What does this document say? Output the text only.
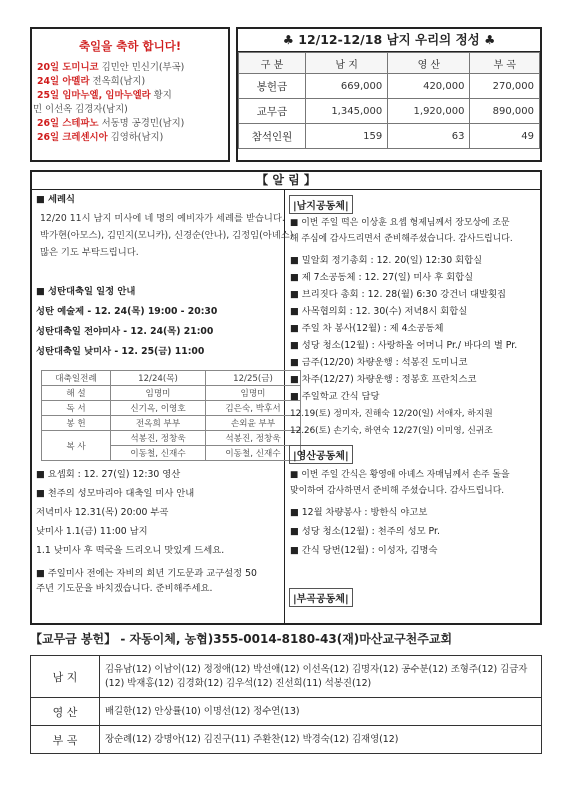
축일을 축하 합니다!
20일 도미니코 김민안 민신기(부곡)
24일 아멜라 전옥희(남지)
25일 임마누엘, 임마누엘라 황지
민 이선옥 김경자(남지)
26일 스테파노 서동명 공경민(남지)
26일 크레센시아 김영하(남지)
♣ 12/12-12/18 남지 우리의 정성 ♣
구 분	남 지	영 산	부 곡
봉헌금	669,000	420,000	270,000
교무금	1,345,000	1,920,000	890,000
참석인원	159	63	49
【 알 림 】
■ 세례식
12/20 11시 남지 미사에 네 명의 예비자가 세례를 받습니다.
박가현(아모스), 김민지(모니카), 신경순(안나), 김정임(아녜스)
많은 기도 부탁드립니다.
■ 성탄대축일 일정 안내
성탄 예술제 - 12. 24(목) 19:00 - 20:30
성탄대축일 전야미사 - 12. 24(목) 21:00
성탄대축일 낮미사 - 12. 25(금) 11:00
대축일전례	12/24(목)	12/25(금)
해 설	임명미	임명미
독 서	신기옥, 이영호	김은숙, 박후서
봉 헌	전옥희 부부	손외윤 부부
복 사	석봉진, 정창욱	석봉진, 정창욱
	이동철, 신재수	이동철, 신재수
■ 요셉회 : 12. 27(일) 12:30 영산
■ 천주의 성모마리아 대축일 미사 안내
저녁미사 12.31(목) 20:00 부곡
낮미사 1.1(금) 11:00 남지
1.1 낮미사 후 떡국을 드리오니 맛있게 드세요.
■ 주일미사 전에는 자비의 희년 기도문과 교구설정 50
주년 기도문을 바치겠습니다. 준비해주세요.
|남지공동체|
■ 이번 주일 떡은 이상훈 요셉 형제님께서 장모상에 조문
해 주심에 감사드리면서 준비해주셨습니다. 감사드립니다.
■ 밀알회 정기총회 : 12. 20(일) 12:30 회합실
■ 제 7소공동체 : 12. 27(일) 미사 후 회합실
■ 브리짓다 총회 : 12. 28(월) 6:30 강건너 대발횟집
■ 사목협의회 : 12. 30(수) 저녁8시 회합실
■ 주일 차 봉사(12월) : 제 4소공동체
■ 성당 청소(12월) : 사랑하올 어머니 Pr./ 바다의 별 Pr.
■ 금주(12/20) 차량운행 : 석봉진 도미니코
■ 차주(12/27) 차량운행 : 정봉호 프란치스코
■ 주일학교 간식 담당
12.19(토) 정미자, 진해숙 12/20(일) 서애자, 하지원
12.26(토) 손기숙, 하연숙 12/27(일) 이미영, 신귀조
|영산공동체|
■ 이번 주일 간식은 황영애 아녜스 자매님께서 손주 돌을
맞이하여 감사하면서 준비해 주셨습니다. 감사드립니다.
■ 12월 차량봉사 : 방한식 야고보
■ 성당 청소(12월) : 천주의 성모 Pr.
■ 간식 당번(12월) : 이성자, 김명숙
|부곡공동체|
【교무금 봉헌】 - 자동이체, 농협)355-0014-8180-43(재)마산교구천주교회
남 지	김유남(12) 이남이(12) 정정애(12) 박선애(12) 이선옥(12) 김명자(12) 공수분(12) 조형주(12) 김금자(12) 박재홍(12) 김경화(12) 김우석(12) 진선희(11) 석봉진(12)
영 산	배길한(12) 안상률(10) 이명선(12) 정수연(13)
부 곡	장순례(12) 강명아(12) 김진구(11) 주환찬(12) 박경숙(12) 김재영(12)
